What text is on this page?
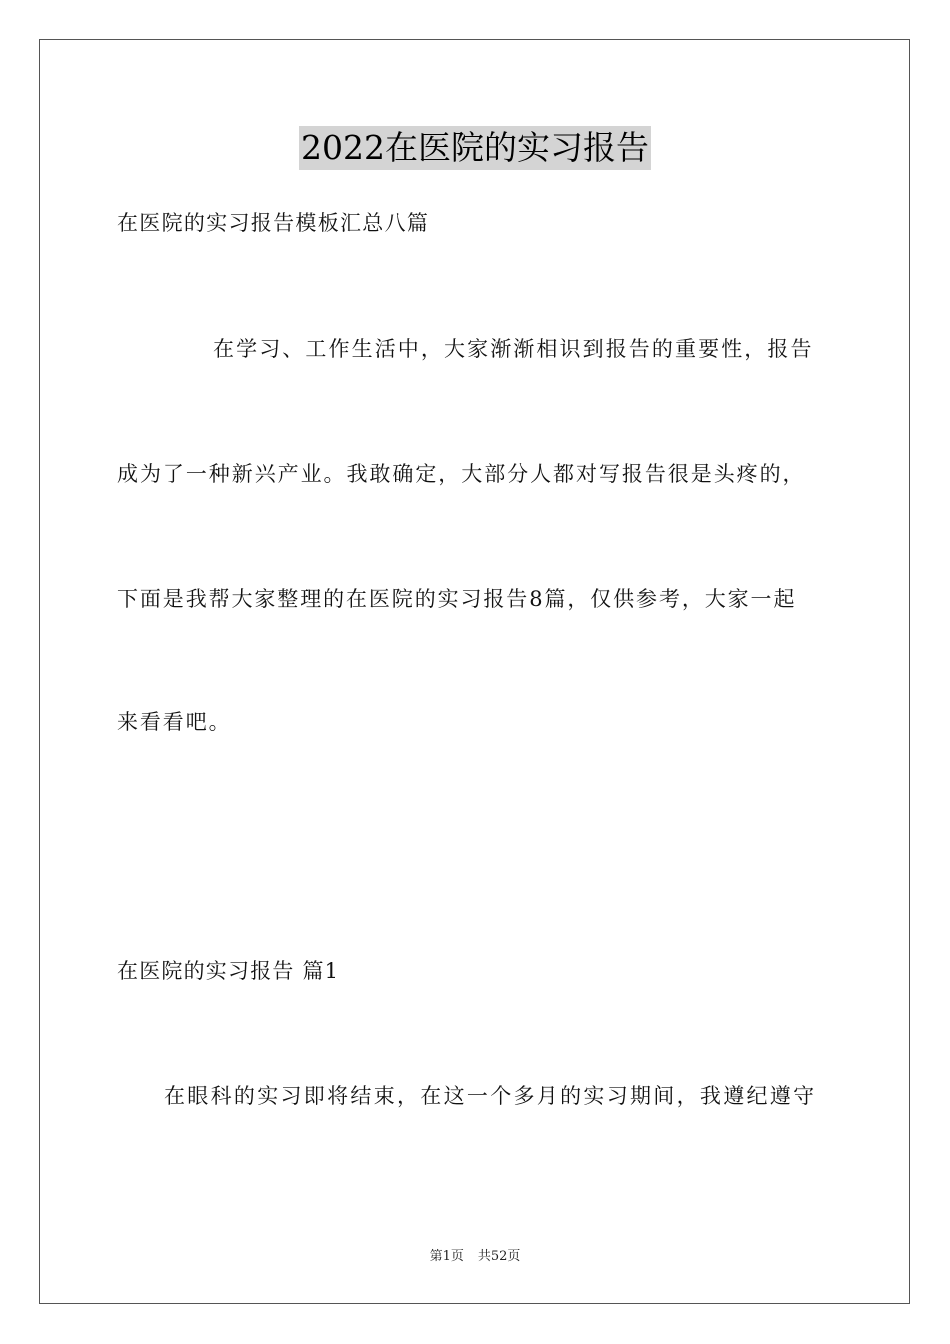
2022在医院的实习报告
在医院的实习报告模板汇总八篇
在学习、工作生活中，大家渐渐相识到报告的重要性，报告
成为了一种新兴产业。我敢确定，大部分人都对写报告很是头疼的，
下面是我帮大家整理的在医院的实习报告8篇，仅供参考，大家一起
来看看吧。
在医院的实习报告 篇1
在眼科的实习即将结束，在这一个多月的实习期间，我遵纪遵守
第1页 共52页
